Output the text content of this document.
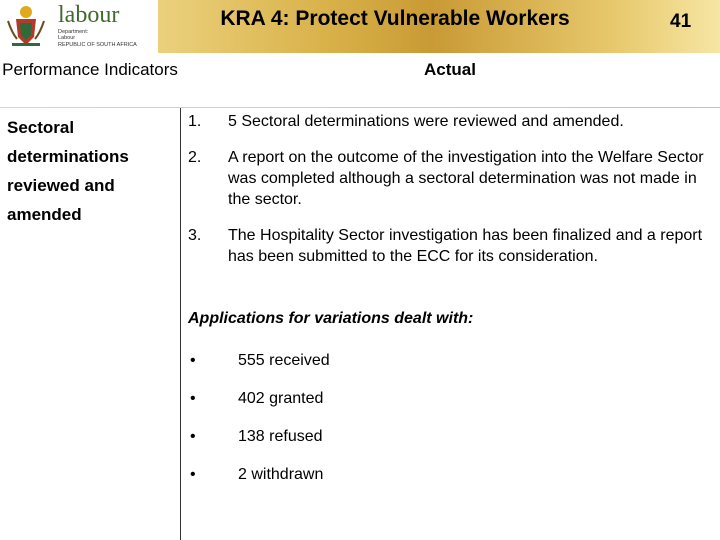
labour
Department:
Labour
REPUBLIC OF SOUTH AFRICA
KRA 4: Protect Vulnerable Workers	41
Performance Indicators	Actual
Sectoral determinations reviewed and amended
1.	5 Sectoral determinations were reviewed and amended.
2.	A report on the outcome of the investigation into the Welfare Sector was completed although a sectoral determination was not made in the sector.
3.	The Hospitality Sector investigation has been finalized and a report has been submitted to the ECC for its consideration.
Applications for variations dealt with:
•	555 received
•	402 granted
•	138 refused
•	2 withdrawn
